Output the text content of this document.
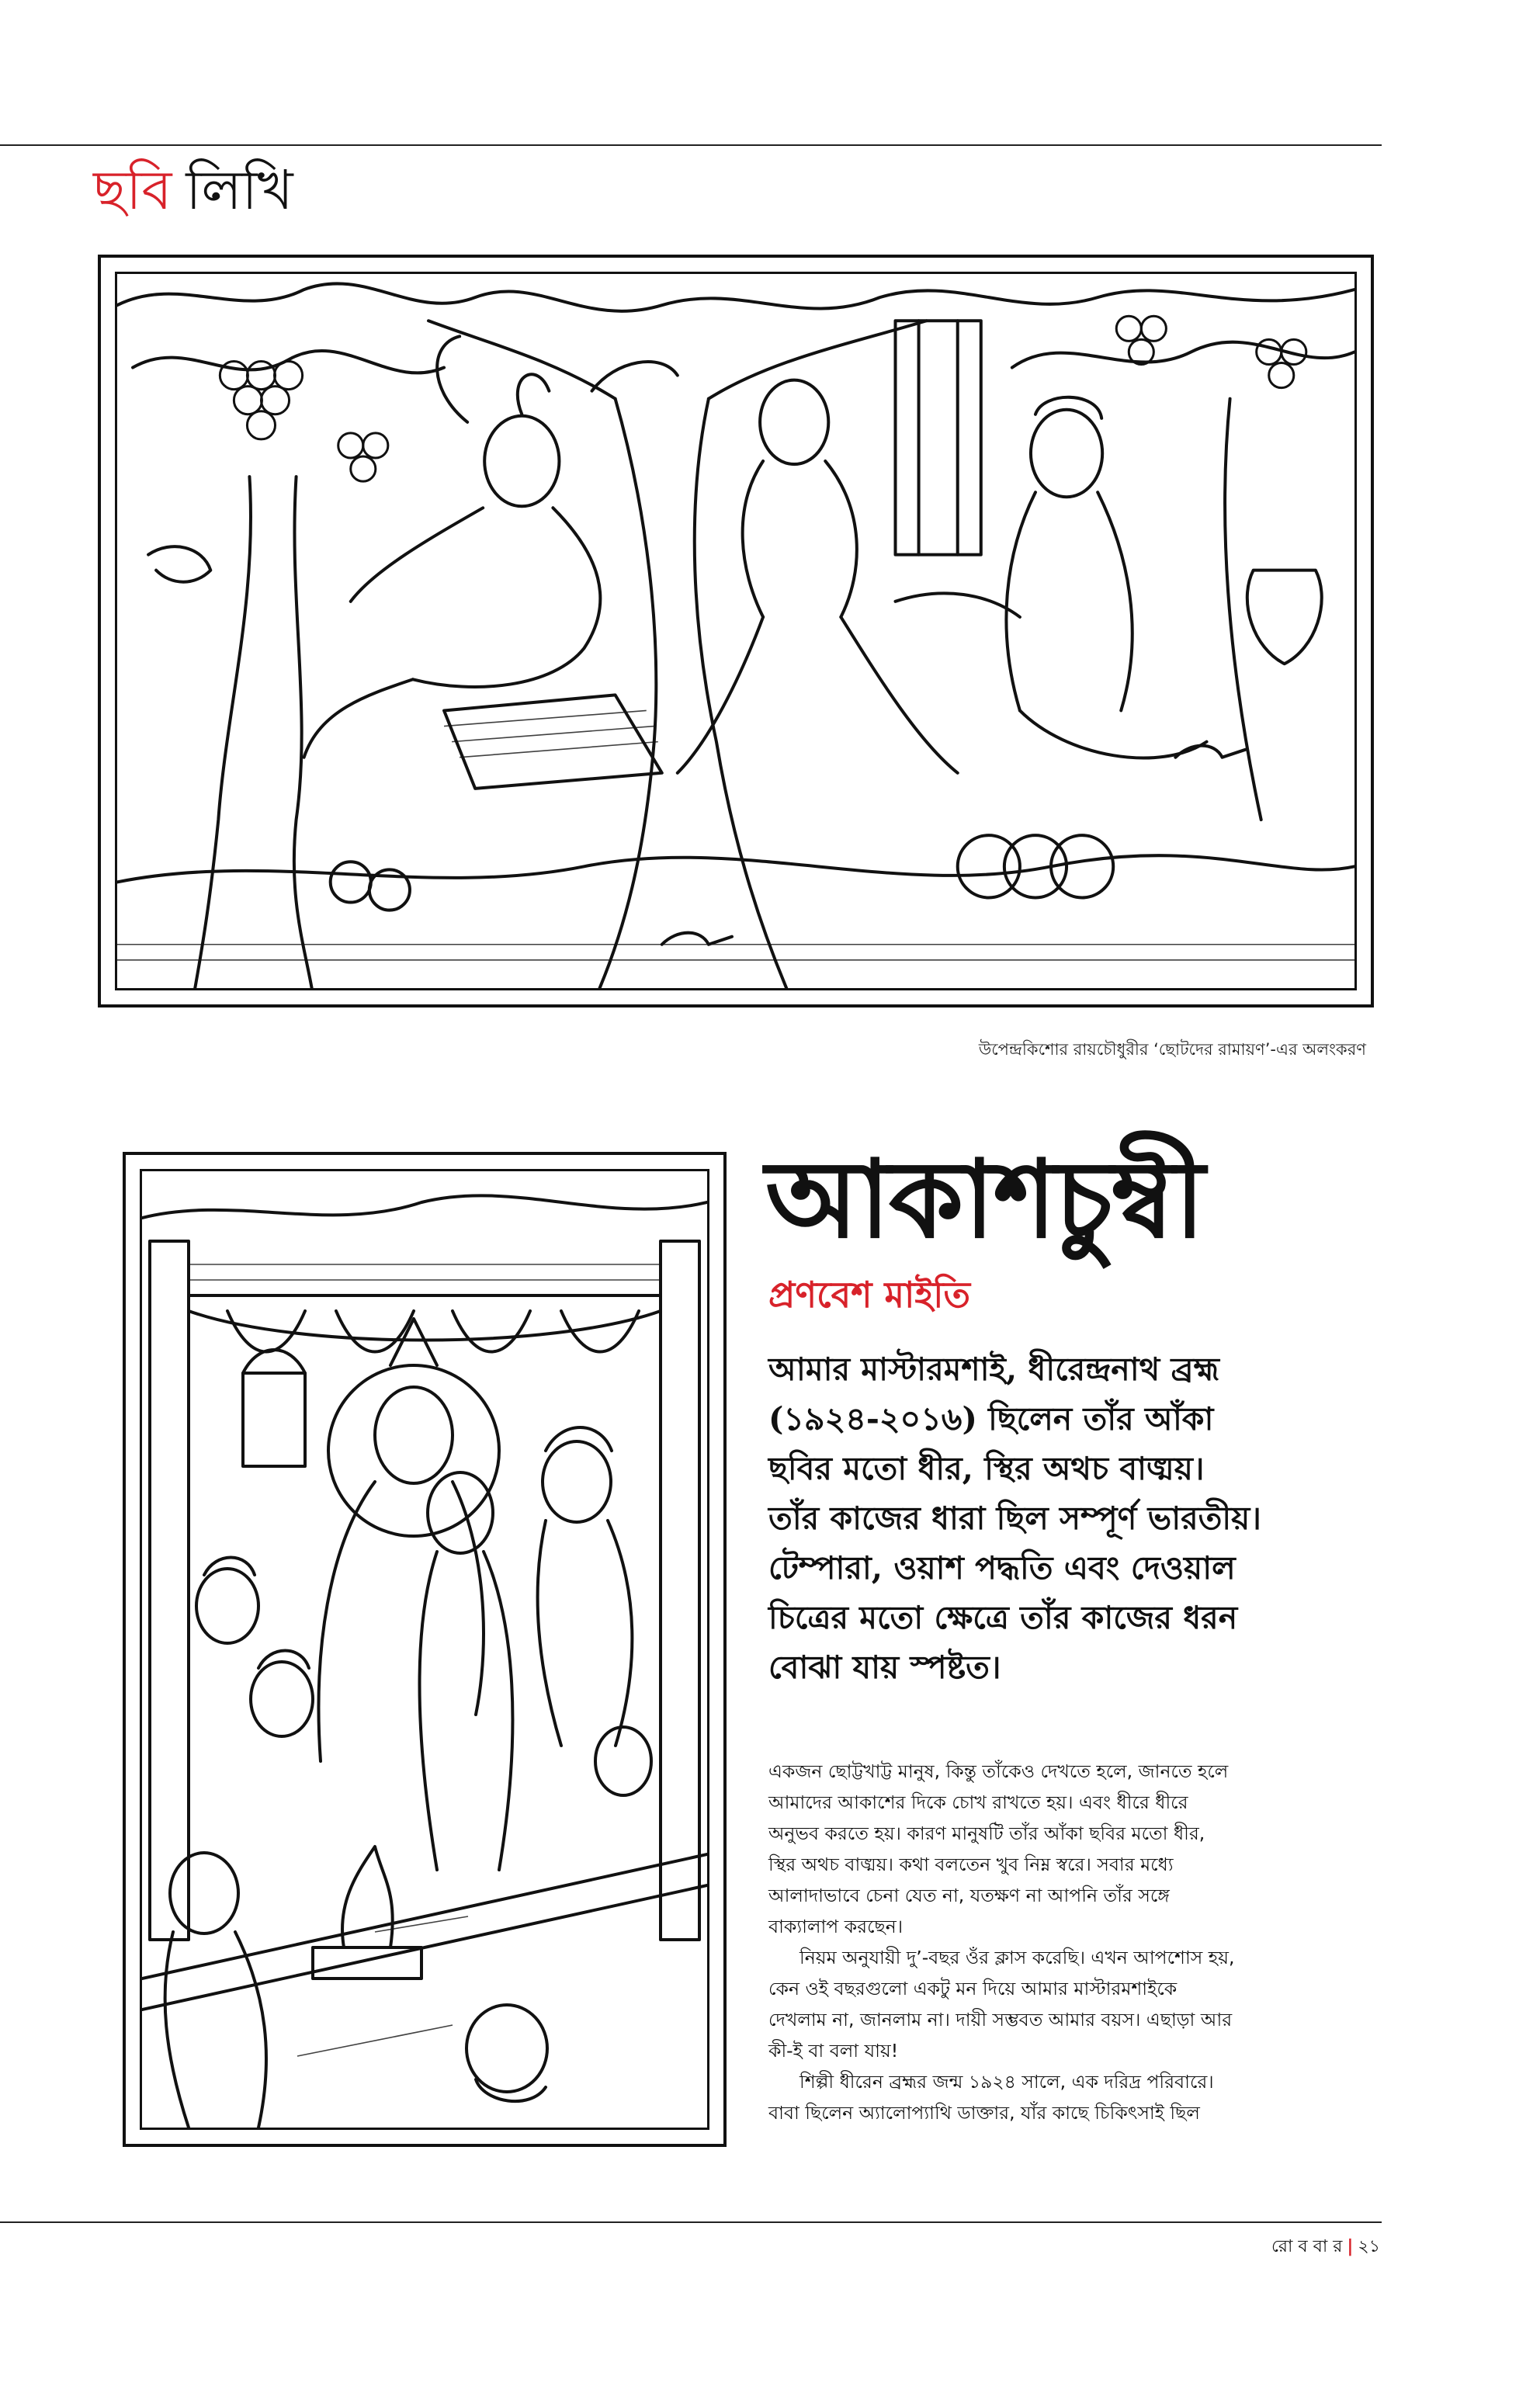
ছবি লিখি
উপেন্দ্রকিশোর রায়চৌধুরীর ‘ছোটদের রামায়ণ’-এর অলংকরণ
আকাশচুম্বী
প্রণবেশ মাইতি

আমার মাস্টারমশাই, ধীরেন্দ্রনাথ ব্রহ্ম

(১৯২৪-২০১৬) ছিলেন তাঁর আঁকা

ছবির মতো ধীর, স্থির অথচ বাঙ্ময়।

তাঁর কাজের ধারা ছিল সম্পূর্ণ ভারতীয়।

টেম্পারা, ওয়াশ পদ্ধতি এবং দেওয়াল

চিত্রের মতো ক্ষেত্রে তাঁর কাজের ধরন

বোঝা যায় স্পষ্টত।

একজন ছোট্টখাট্ট মানুষ, কিন্তু তাঁকেও দেখতে হলে, জানতে হলে

আমাদের আকাশের দিকে চোখ রাখতে হয়। এবং ধীরে ধীরে

অনুভব করতে হয়। কারণ মানুষটি তাঁর আঁকা ছবির মতো ধীর,

স্থির অথচ বাঙ্ময়। কথা বলতেন খুব নিম্ন স্বরে। সবার মধ্যে

আলাদাভাবে চেনা যেত না, যতক্ষণ না আপনি তাঁর সঙ্গে

বাক্যালাপ করছেন।

নিয়ম অনুযায়ী দু’-বছর ওঁর ক্লাস করেছি। এখন আপশোস হয়,

কেন ওই বছরগুলো একটু মন দিয়ে আমার মাস্টারমশাইকে

দেখলাম না, জানলাম না। দায়ী সম্ভবত আমার বয়স। এছাড়া আর

কী-ই বা বলা যায়!

শিল্পী ধীরেন ব্রহ্মর জন্ম ১৯২৪ সালে, এক দরিদ্র পরিবারে।

বাবা ছিলেন অ্যালোপ্যাথি ডাক্তার, যাঁর কাছে চিকিৎসাই ছিল

রো ব বা র | ২১
